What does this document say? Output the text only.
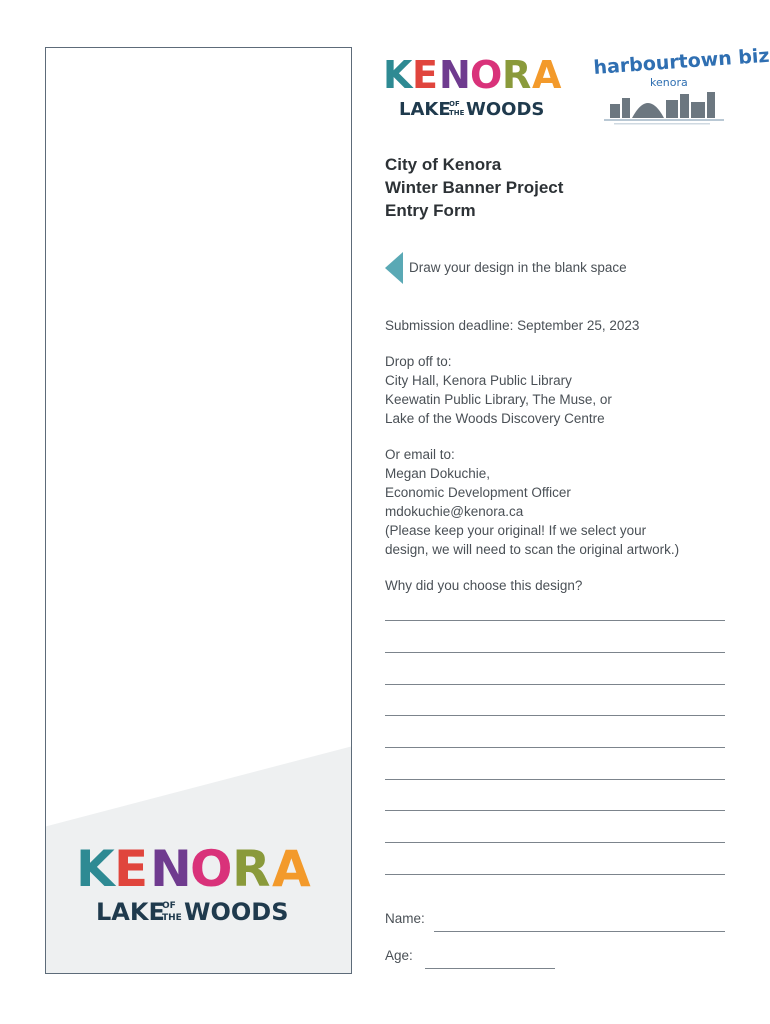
K E N
O R A
LAKE
OF
THE WOODS
K E N O R A
LAKE
OF
THE WOODS
harbourtown biz
kenora
City of Kenora
Winter Banner Project
Entry Form
Draw your design in the blank space
Submission deadline: September 25, 2023
Drop off to:
City Hall, Kenora Public Library
Keewatin Public Library, The Muse, or
Lake of the Woods Discovery Centre
Or email to:
Megan Dokuchie,
Economic Development Officer
mdokuchie@kenora.ca
(Please keep your original! If we select your
design, we will need to scan the original artwork.)
Why did you choose this design?
Name:
Age:
